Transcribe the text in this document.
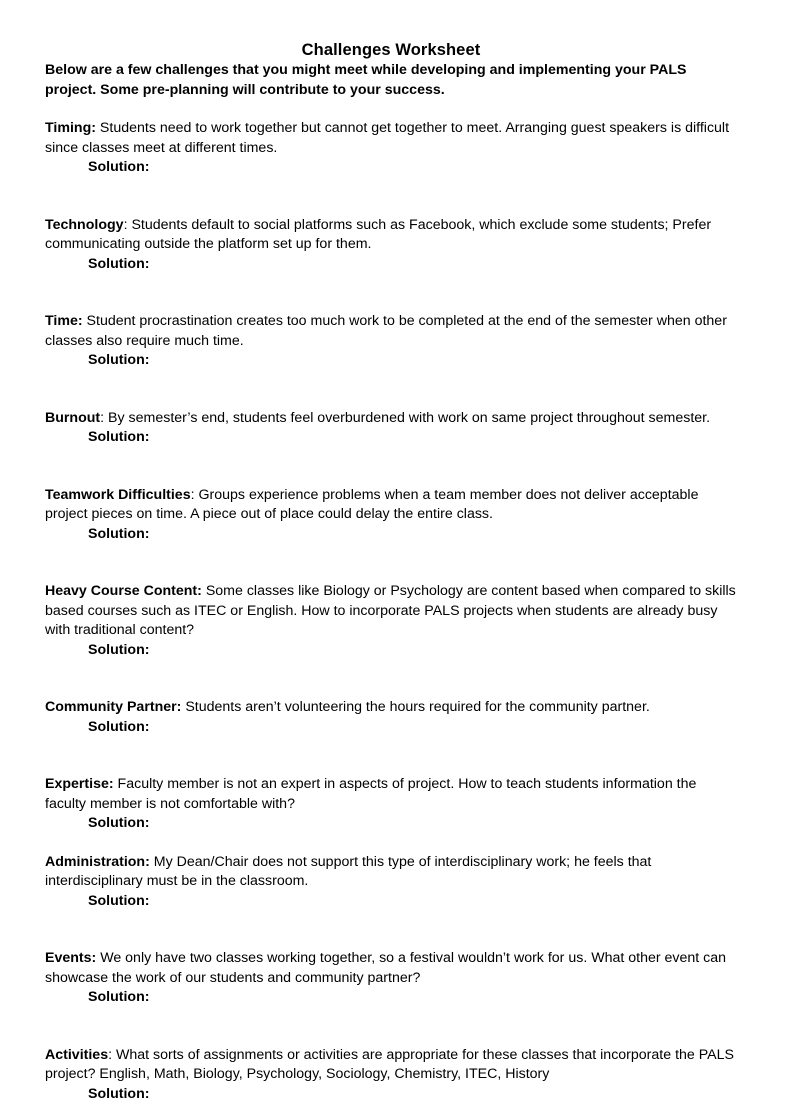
Challenges Worksheet

Below are a few challenges that you might meet while developing and implementing your PALS project. Some pre-planning will contribute to your success.

Timing: Students need to work together but cannot get together to meet. Arranging guest speakers is difficult since classes meet at different times.

Solution:

Technology: Students default to social platforms such as Facebook, which exclude some students; Prefer communicating outside the platform set up for them.

Solution:

Time: Student procrastination creates too much work to be completed at the end of the semester when other classes also require much time.

Solution:

Burnout: By semester’s end, students feel overburdened with work on same project throughout semester.

Solution:

Teamwork Difficulties: Groups experience problems when a team member does not deliver acceptable project pieces on time. A piece out of place could delay the entire class.

Solution:

Heavy Course Content: Some classes like Biology or Psychology are content based when compared to skills based courses such as ITEC or English. How to incorporate PALS projects when students are already busy with traditional content?

Solution:

Community Partner: Students aren’t volunteering the hours required for the community partner.

Solution:

Expertise: Faculty member is not an expert in aspects of project. How to teach students information the faculty member is not comfortable with?

Solution:

Administration: My Dean/Chair does not support this type of interdisciplinary work; he feels that interdisciplinary must be in the classroom.

Solution:

Events: We only have two classes working together, so a festival wouldn’t work for us. What other event can showcase the work of our students and community partner?

Solution:

Activities: What sorts of assignments or activities are appropriate for these classes that incorporate the PALS project? English, Math, Biology, Psychology, Sociology, Chemistry, ITEC, History

Solution:
